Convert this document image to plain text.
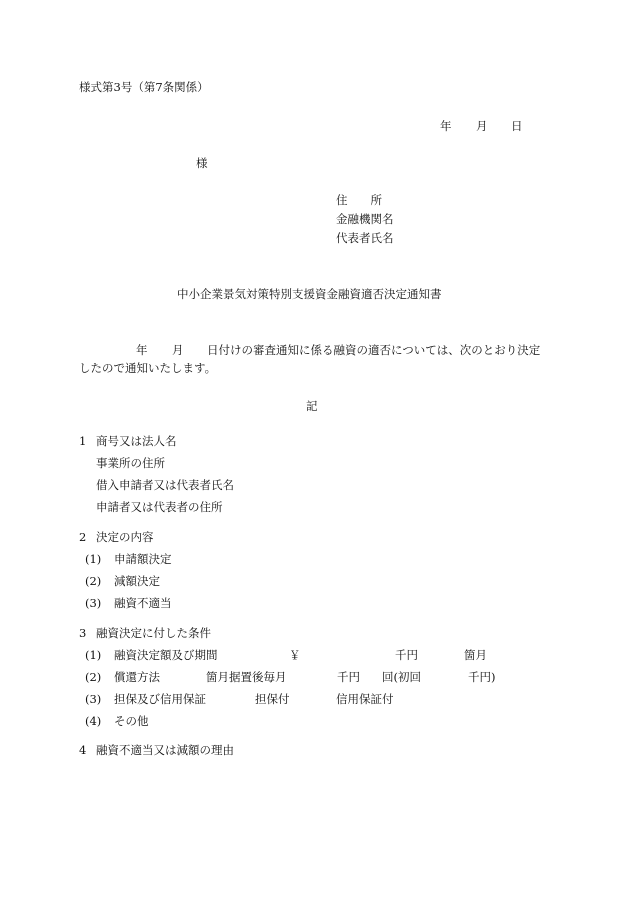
様式第3号（第7条関係）
年 月 日
様
住　　所
金融機関名
代表者氏名
中小企業景気対策特別支援資金融資適否決定通知書
年 月 日付けの審査通知に係る融資の適否については、次のとおり決定
したので通知いたします。
記
1 商号又は法人名
事業所の住所
借入申請者又は代表者氏名
申請者又は代表者の住所
2 決定の内容
(1) 申請額決定
(2) 減額決定
(3) 融資不適当
3 融資決定に付した条件
(1) 融資決定額及び期間	￥	千円	箇月
(2) 償還方法	箇月据置後毎月	千円 回(初回	千円)
(3) 担保及び信用保証	担保付	信用保証付
(4) その他
4 融資不適当又は減額の理由
